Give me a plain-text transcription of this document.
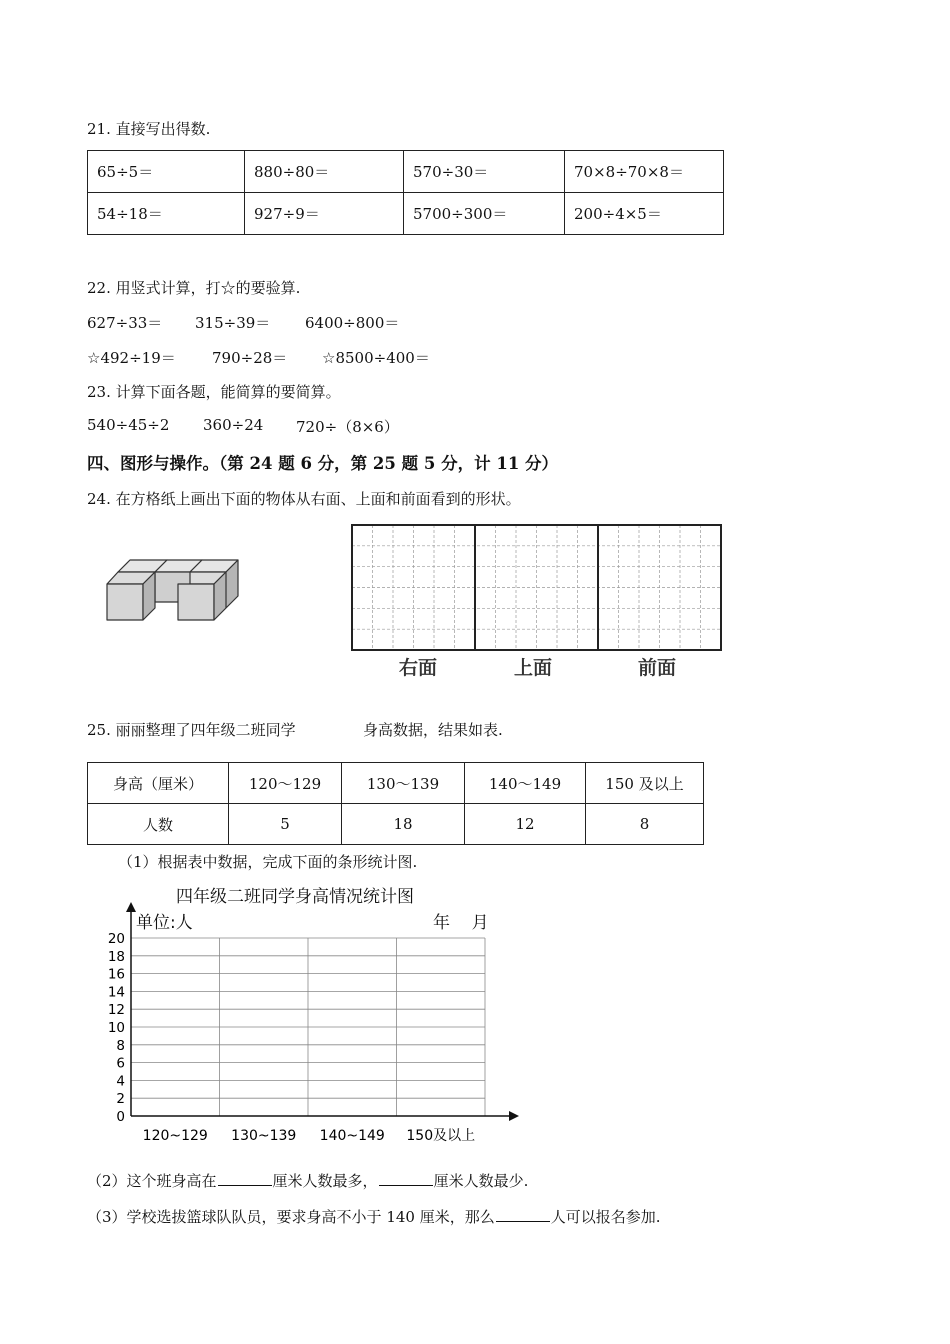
21. 直接写出得数.
65÷5＝	880÷80＝	570÷30＝	70×8÷70×8＝
54÷18＝	927÷9＝	5700÷300＝	200÷4×5＝
22. 用竖式计算，打☆的要验算.
627÷33＝ 315÷39＝ 6400÷800＝
☆492÷19＝ 790÷28＝ ☆8500÷400＝
23. 计算下面各题，能简算的要简算。
540÷45÷2 360÷24 720÷（8×6）
四、图形与操作。（第 24 题 6 分，第 25 题 5 分，计 11 分）
24. 在方格纸上画出下面的物体从右面、上面和前面看到的形状。
右面	上面	前面
25. 丽丽整理了四年级二班同学	身高数据，结果如表.
身高（厘米）	120～129	130～139	140～149	150 及以上
人数	5	18	12	8
（1）根据表中数据，完成下面的条形统计图.
四年级二班同学身高情况统计图
单位:人	年    月
20
18
16
14
12
10
8
6
4
2
0
120~129 130~139 140~149 150及以上
（2）这个班身高在	厘米人数最多，	厘米人数最少.
（3）学校选拔篮球队队员，要求身高不小于 140 厘米，那么	人可以报名参加.
